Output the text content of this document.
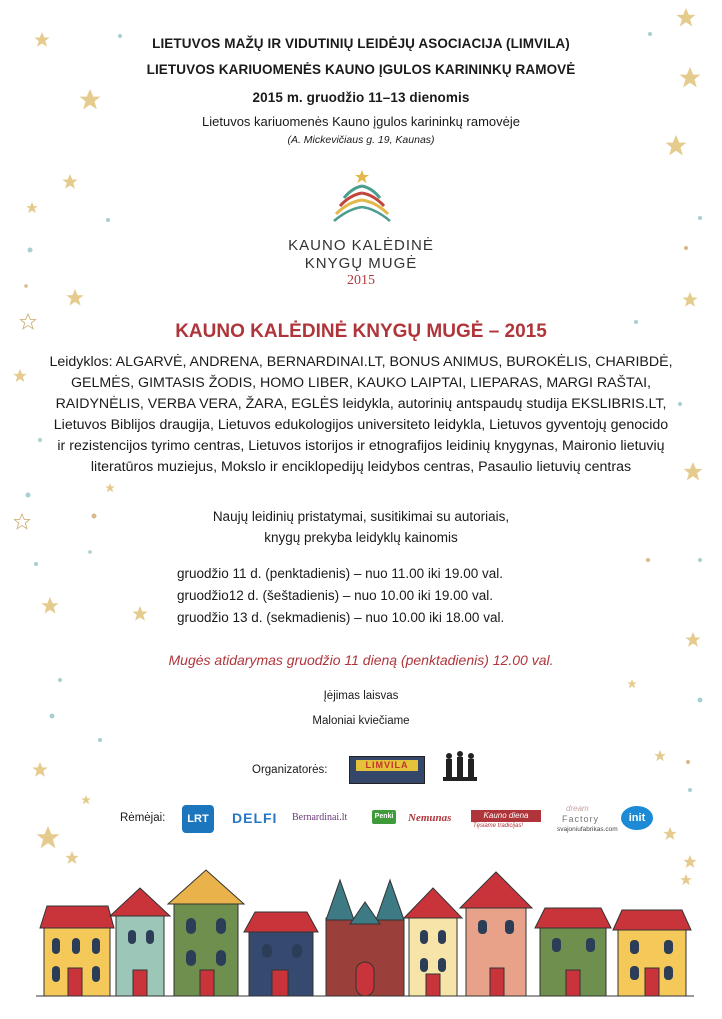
LIETUVOS MAŽŲ IR VIDUTINIŲ LEIDĖJŲ ASOCIACIJA (LIMVILA)
LIETUVOS KARIUOMENĖS KAUNO ĮGULOS KARININKŲ RAMOVĖ
2015 m. gruodžio 11–13 dienomis
Lietuvos kariuomenės Kauno įgulos karininkų ramovėje
(A. Mickevičiaus g. 19, Kaunas)
KAUNO KALĖDINĖ
KNYGŲ MUGĖ
2015
KAUNO KALĖDINĖ KNYGŲ MUGĖ – 2015
Leidyklos: ALGARVĖ, ANDRENA, BERNARDINAI.LT, BONUS ANIMUS, BUROKĖLIS, CHARIBDĖ,
GELMĖS, GIMTASIS ŽODIS, HOMO LIBER, KAUKO LAIPTAI, LIEPARAS, MARGI RAŠTAI,
RAIDYNĖLIS, VERBA VERA, ŽARA, EGLĖS leidykla, autorinių antspaudų studija EKSLIBRIS.LT,
Lietuvos Biblijos draugija, Lietuvos edukologijos universiteto leidykla, Lietuvos gyventojų genocido
ir rezistencijos tyrimo centras, Lietuvos istorijos ir etnografijos leidinių knygynas, Maironio lietuvių
literatūros muziejus, Mokslo ir enciklopedijų leidybos centras, Pasaulio lietuvių centras
Naujų leidinių pristatymai, susitikimai su autoriais,
knygų prekyba leidyklų kainomis
gruodžio 11 d. (penktadienis) – nuo 11.00 iki 19.00 val.
gruodžio12 d. (šeštadienis) – nuo 10.00 iki 19.00 val.
gruodžio 13 d. (sekmadienis) – nuo 10.00 iki 18.00 val.
Mugės atidarymas gruodžio 11 dieną (penktadienis) 12.00 val.
Įėjimas laisvas
Maloniai kviečiame
Organizatorės:	LIMVILA
Rėmėjai:	LRT	DELFI Bernardinai.lt	Penki Nemunas	Kauno diena
Tęsiame tradicijas!
dream
Factory
svajoniufabrikas.com
init
